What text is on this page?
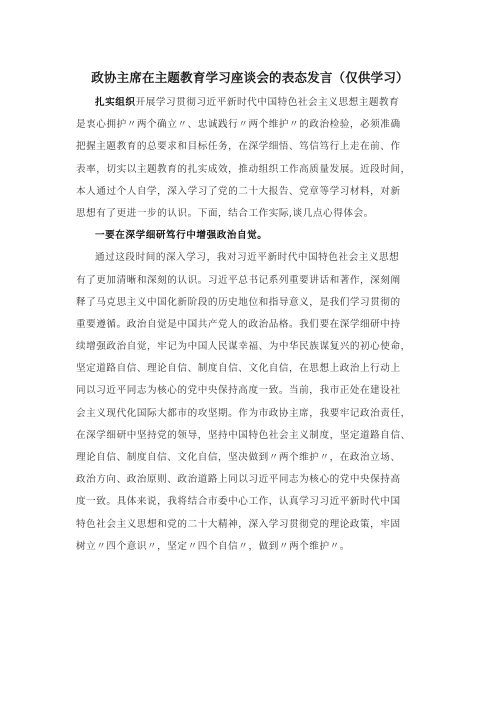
政协主席在主题教育学习座谈会的表态发言（仅供学习）
扎实组织开展学习贯彻习近平新时代中国特色社会主义思想主题教育
是衷心拥护〃两个确立〃、忠诚践行〃两个维护〃的政治检验，必须准确
把握主题教育的总要求和目标任务，在深学细悟、笃信笃行上走在前、作
表率，切实以主题教育的扎实成效，推动组织工作高质量发展。近段时间，
本人通过个人自学，深入学习了党的二十大报告、党章等学习材料，对新
思想有了更进一步的认识。下面，结合工作实际,谈几点心得体会。
一要在深学细研笃行中增强政治自觉。
通过这段时间的深入学习，我对习近平新时代中国特色社会主义思想
有了更加清晰和深刻的认识。习近平总书记系列重要讲话和著作，深刻阐
释了马克思主义中国化新阶段的历史地位和指导意义，是我们学习贯彻的
重要遵循。政治自觉是中国共产党人的政治品格。我们要在深学细研中持
续增强政治自觉，牢记为中国人民谋幸福、为中华民族谋复兴的初心使命，
坚定道路自信、理论自信、制度自信、文化自信，在思想上政治上行动上
同以习近平同志为核心的党中央保持高度一致。当前，我市正处在建设社
会主义现代化国际大都市的攻坚期。作为市政协主席，我要牢记政治责任，
在深学细研中坚持党的领导，坚持中国特色社会主义制度，坚定道路自信、
理论自信、制度自信、文化自信，坚决做到〃两个维护〃，在政治立场、
政治方向、政治原则、政治道路上同以习近平同志为核心的党中央保持高
度一致。具体来说，我将结合市委中心工作，认真学习习近平新时代中国
特色社会主义思想和党的二十大精神，深入学习贯彻党的理论政策，牢固
树立〃四个意识〃，坚定〃四个自信〃，做到〃两个维护〃。
